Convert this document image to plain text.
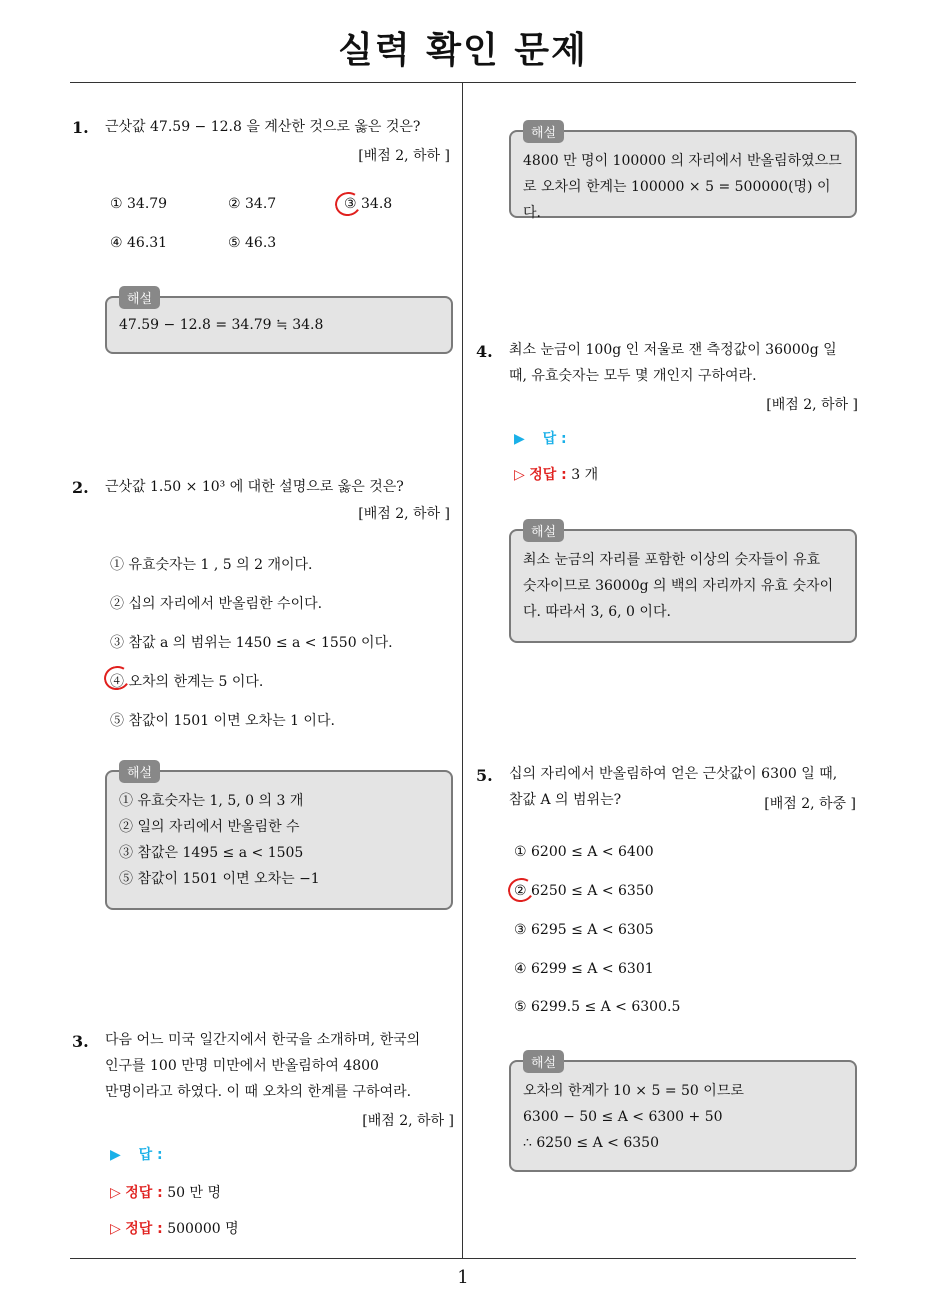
실력 확인 문제
1. 근삿값 47.59 − 12.8 을 계산한 것으로 옳은 것은?
[배점 2, 하하 ]
① 34.79	② 34.7	③ 34.8
④ 46.31	⑤ 46.3
해설
47.59 − 12.8 = 34.79 ≒ 34.8
2. 근삿값 1.50 × 10³ 에 대한 설명으로 옳은 것은?
[배점 2, 하하 ]
① 유효숫자는 1 , 5 의 2 개이다.
② 십의 자리에서 반올림한 수이다.
③ 참값 a 의 범위는 1450 ≤ a < 1550 이다.
④ 오차의 한계는 5 이다.
⑤ 참값이 1501 이면 오차는 1 이다.
해설
① 유효숫자는 1, 5, 0 의 3 개
② 일의 자리에서 반올림한 수
③ 참값은 1495 ≤ a < 1505
⑤ 참값이 1501 이면 오차는 −1
3. 다음 어느 미국 일간지에서 한국을 소개하며, 한국의
인구를 100 만명 미만에서 반올림하여 4800
만명이라고 하였다. 이 때 오차의 한계를 구하여라.
[배점 2, 하하 ]
▶ 답 :
▷ 정답 : 50 만 명
▷ 정답 : 500000 명
해설
4800 만 명이 100000 의 자리에서 반올림하였으므
로 오차의 한계는 100000 × 5 = 500000(명) 이다.
4. 최소 눈금이 100g 인 저울로 잰 측정값이 36000g 일
때, 유효숫자는 모두 몇 개인지 구하여라.
[배점 2, 하하 ]
▶ 답 :
▷ 정답 : 3 개
해설
최소 눈금의 자리를 포함한 이상의 숫자들이 유효
숫자이므로 36000g 의 백의 자리까지 유효 숫자이
다. 따라서 3, 6, 0 이다.
5. 십의 자리에서 반올림하여 얻은 근삿값이 6300 일 때,
참값 A 의 범위는?	[배점 2, 하중 ]
① 6200 ≤ A < 6400
② 6250 ≤ A < 6350
③ 6295 ≤ A < 6305
④ 6299 ≤ A < 6301
⑤ 6299.5 ≤ A < 6300.5
해설
오차의 한계가 10 × 5 = 50 이므로
6300 − 50 ≤ A < 6300 + 50
∴ 6250 ≤ A < 6350
1
